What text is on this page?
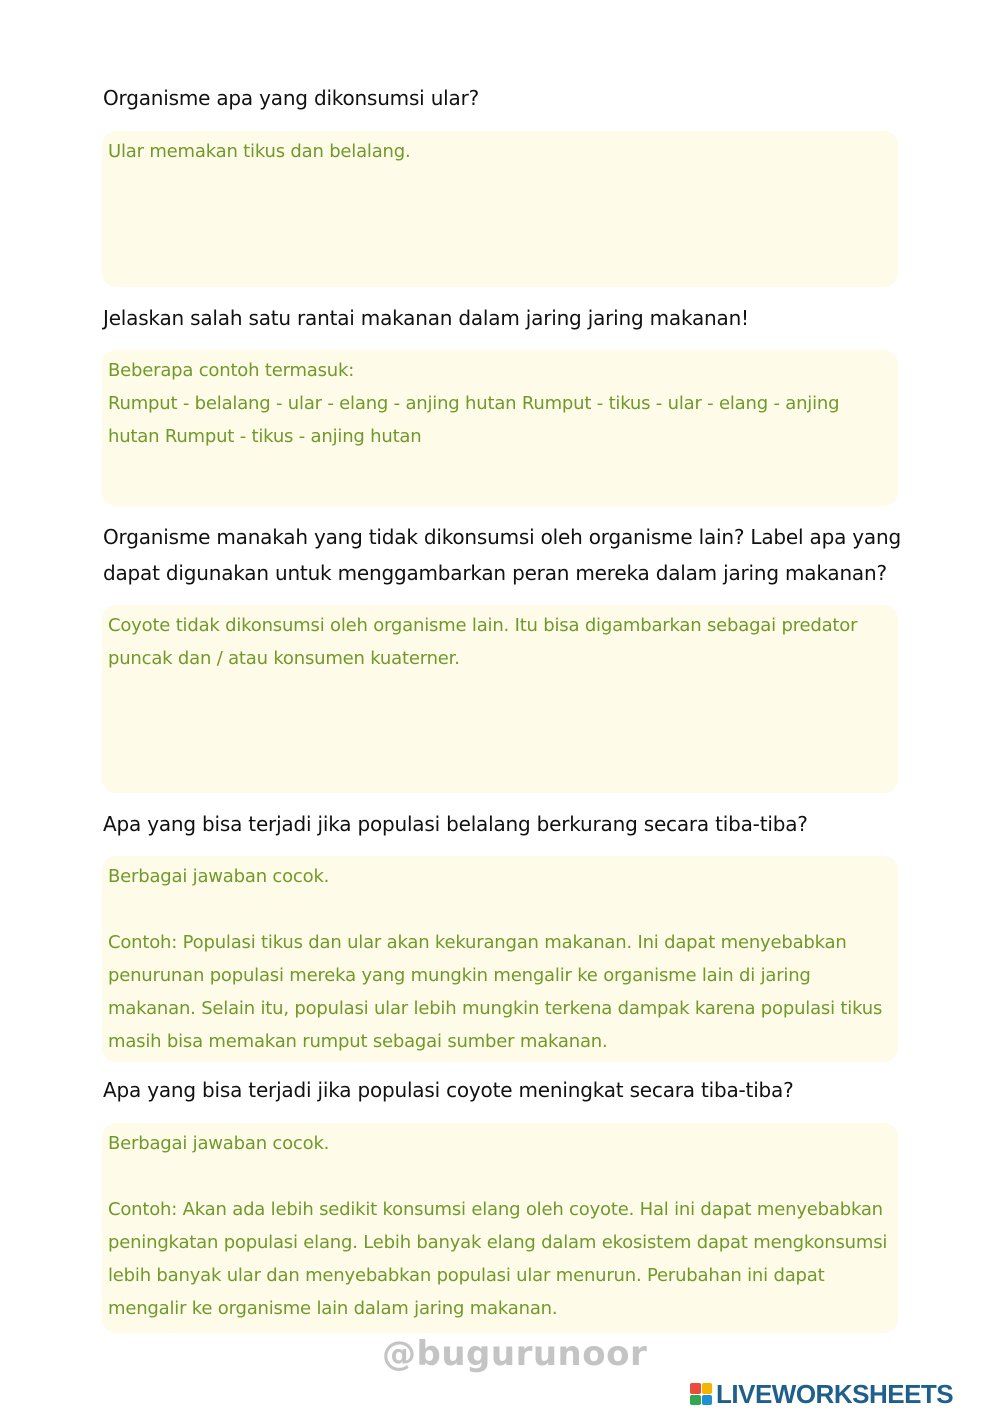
Organisme apa yang dikonsumsi ular?
Ular memakan tikus dan belalang.
Jelaskan salah satu rantai makanan dalam jaring jaring makanan!
Beberapa contoh termasuk:
Rumput - belalang - ular - elang - anjing hutan Rumput - tikus - ular - elang - anjing hutan Rumput - tikus - anjing hutan
Organisme manakah yang tidak dikonsumsi oleh organisme lain? Label apa yang dapat digunakan untuk menggambarkan peran mereka dalam jaring makanan?
Coyote tidak dikonsumsi oleh organisme lain. Itu bisa digambarkan sebagai predator puncak dan / atau konsumen kuaterner.
Apa yang bisa terjadi jika populasi belalang berkurang secara tiba-tiba?
Berbagai jawaban cocok.

Contoh: Populasi tikus dan ular akan kekurangan makanan. Ini dapat menyebabkan penurunan populasi mereka yang mungkin mengalir ke organisme lain di jaring makanan. Selain itu, populasi ular lebih mungkin terkena dampak karena populasi tikus masih bisa memakan rumput sebagai sumber makanan.
Apa yang bisa terjadi jika populasi coyote meningkat secara tiba-tiba?
Berbagai jawaban cocok.

Contoh: Akan ada lebih sedikit konsumsi elang oleh coyote. Hal ini dapat menyebabkan peningkatan populasi elang. Lebih banyak elang dalam ekosistem dapat mengkonsumsi lebih banyak ular dan menyebabkan populasi ular menurun. Perubahan ini dapat mengalir ke organisme lain dalam jaring makanan.
@bugurunoor
LIVEWORKSHEETS
